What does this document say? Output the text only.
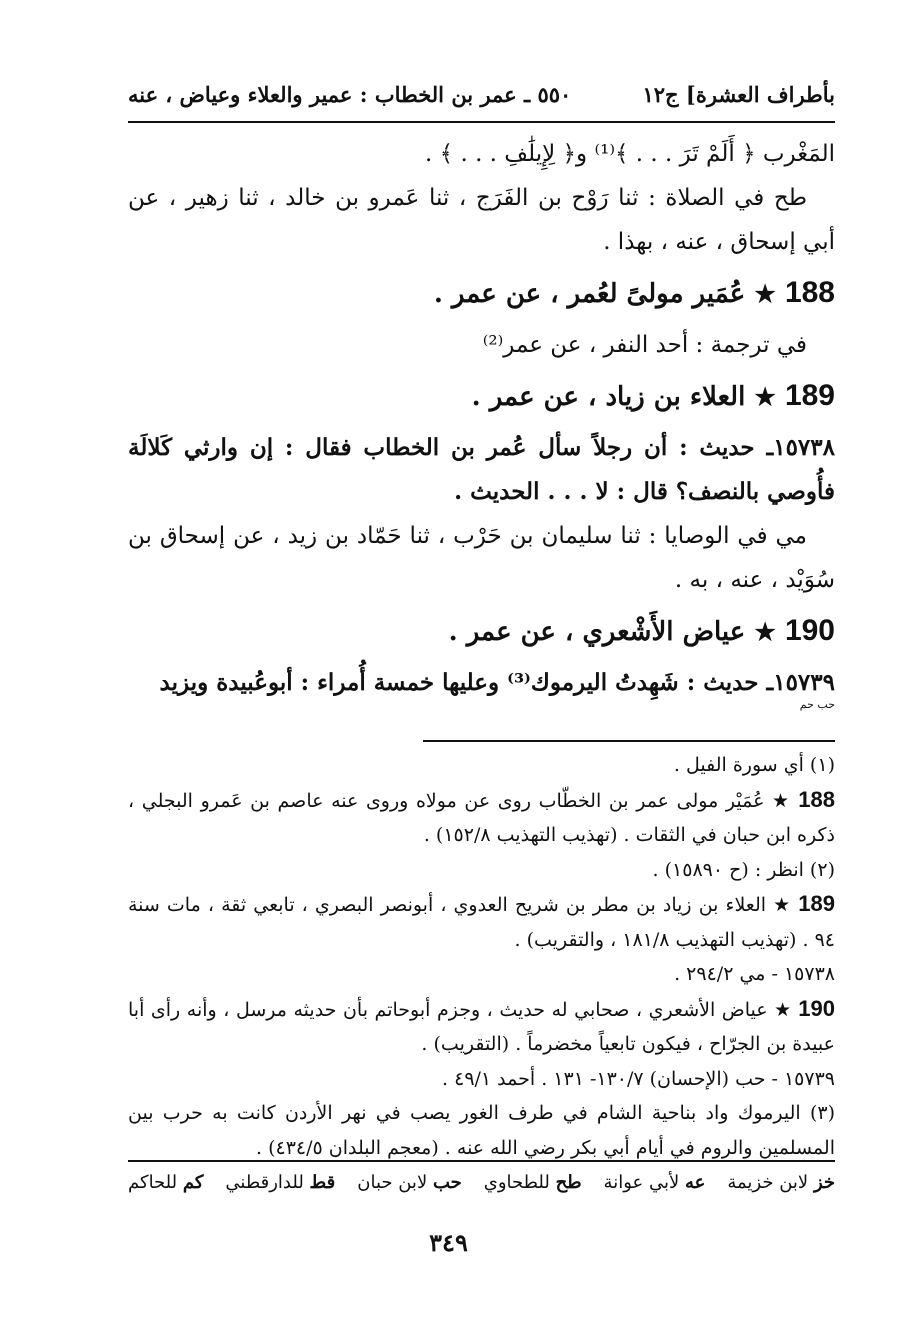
بأطراف العشرة] ج١٢
٥٥٠ ـ عمر بن الخطاب : عمير والعلاء وعياض ، عنه

المَغْرب ﴿ أَلَمْ تَرَ . . . ﴾⁽¹⁾ و﴿ لِإِيلَٰفِ . . . ﴾ .

طح في الصلاة : ثنا رَوْح بن الفَرَج ، ثنا عَمرو بن خالد ، ثنا زهير ، عن أبي إسحاق ، عنه ، بهذا .

188 ★ عُمَير مولىً لعُمر ، عن عمر .

في ترجمة : أحد النفر ، عن عمر⁽²⁾

189 ★ العلاء بن زياد ، عن عمر .

١٥٧٣٨ـ حديث : أن رجلاً سأل عُمر بن الخطاب فقال : إن وارثي كَلالَة فأُوصي بالنصف؟ قال : لا . . . الحديث .

مي في الوصايا : ثنا سليمان بن حَرْب ، ثنا حَمّاد بن زيد ، عن إسحاق بن سُوَيْد ، عنه ، به .

190 ★ عياض الأَشْعري ، عن عمر .

١٥٧٣٩ـ حديث : شَهِدتُ اليرموك⁽³⁾ وعليها خمسة أُمراء : أبوعُبيدة ويزيد

حب حم

(١) أي سورة الفيل .

188 ★ عُمَيْر مولى عمر بن الخطّاب روى عن مولاه وروى عنه عاصم بن عَمرو البجلي ، ذكره ابن حبان في الثقات . (تهذيب التهذيب ١٥٢/٨) .

(٢) انظر : (ح ١٥٨٩٠) .

189 ★ العلاء بن زياد بن مطر بن شريح العدوي ، أبونصر البصري ، تابعي ثقة ، مات سنة ٩٤ . (تهذيب التهذيب ١٨١/٨ ، والتقريب) .

١٥٧٣٨ - مي ٢٩٤/٢ .

190 ★ عياض الأشعري ، صحابي له حديث ، وجزم أبوحاتم بأن حديثه مرسل ، وأنه رأى أبا عبيدة بن الجرّاح ، فيكون تابعياً مخضرماً . (التقريب) .

١٥٧٣٩ - حب (الإحسان) ١٣٠/٧- ١٣١ . أحمد ٤٩/١ .

(٣) اليرموك واد بناحية الشام في طرف الغور يصب في نهر الأردن كانت به حرب بين المسلمين والروم في أيام أبي بكر رضي الله عنه . (معجم البلدان ٤٣٤/٥) .

خز لابن خزيمة
عه لأبي عوانة
طح للطحاوي
حب لابن حبان
قط للدارقطني
كم للحاكم
٣٤٩
